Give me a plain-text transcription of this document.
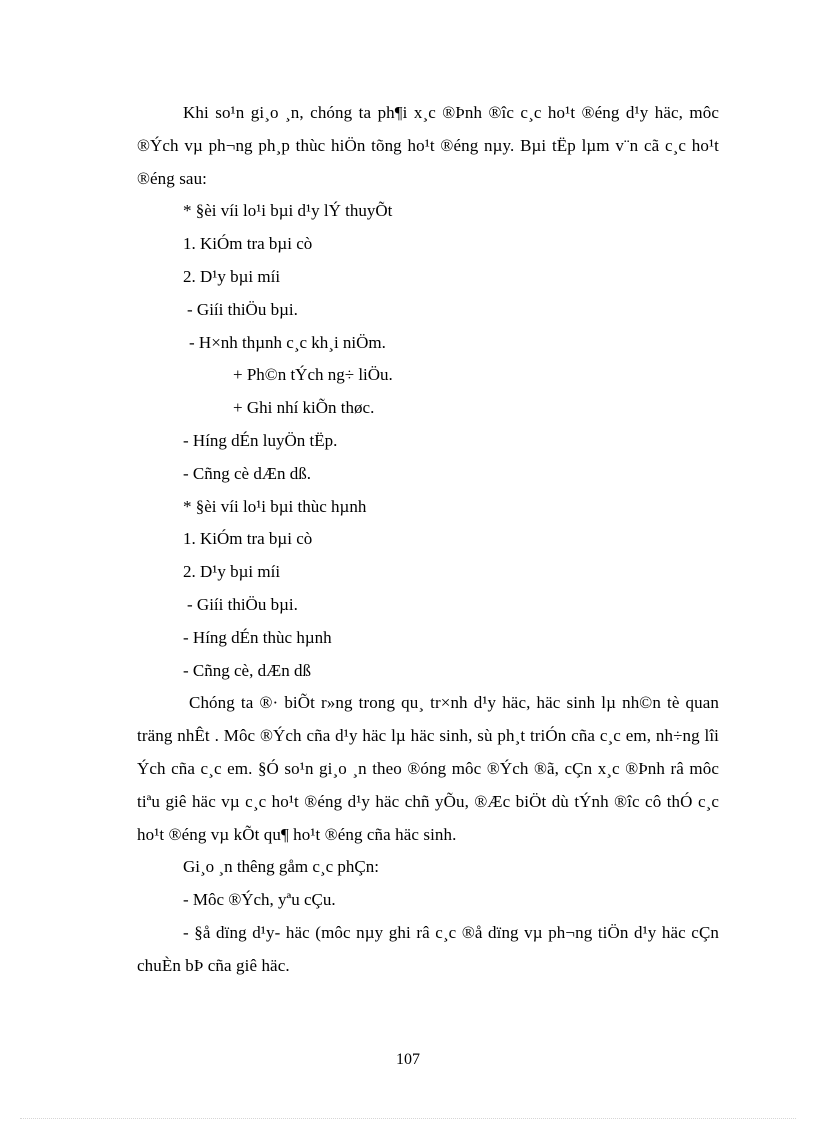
Khi so¹n gi¸o ¸n, chóng ta ph¶i x¸c ®Þnh ®îc c¸c ho¹t ®éng d¹y häc, môc ®Ých vµ ph¬ng ph¸p thùc hiÖn tõng ho¹t ®éng nµy. Bµi tËp lµm v¨n cã c¸c ho¹t ®éng sau:

* §èi víi lo¹i bµi d¹y lÝ thuyÕt

1. KiÓm tra bµi cò

2. D¹y bµi míi

- Giíi thiÖu bµi.

- H×nh thµnh c¸c kh¸i niÖm.

+ Ph©n tÝch ng÷ liÖu.

+ Ghi nhí kiÕn thøc.

- Híng dÉn luyÖn tËp.

- Cñng cè dÆn dß.

* §èi víi lo¹i bµi thùc hµnh

1. KiÓm tra bµi cò

2. D¹y bµi míi

- Giíi thiÖu bµi.

- Híng dÉn thùc hµnh

- Cñng cè, dÆn dß

Chóng ta ®· biÕt r»ng trong qu¸ tr×nh d¹y häc, häc sinh lµ nh©n tè quan träng nhÊt . Môc ®Ých cña d¹y häc lµ häc sinh, sù ph¸t triÓn cña c¸c em, nh÷ng lîi Ých cña c¸c em. §Ó so¹n gi¸o ¸n theo ®óng môc ®Ých ®ã, cÇn x¸c ®Þnh râ môc tiªu giê häc vµ c¸c ho¹t ®éng d¹y häc chñ yÕu, ®Æc biÖt dù tÝnh ®îc cô thÓ c¸c ho¹t ®éng vµ kÕt qu¶ ho¹t ®éng cña häc sinh.

Gi¸o ¸n thêng gåm c¸c phÇn:

- Môc ®Ých, yªu cÇu.

- §å dïng d¹y- häc (môc nµy ghi râ c¸c ®å dïng vµ ph¬ng tiÖn d¹y häc cÇn chuÈn bÞ cña giê häc.

107
